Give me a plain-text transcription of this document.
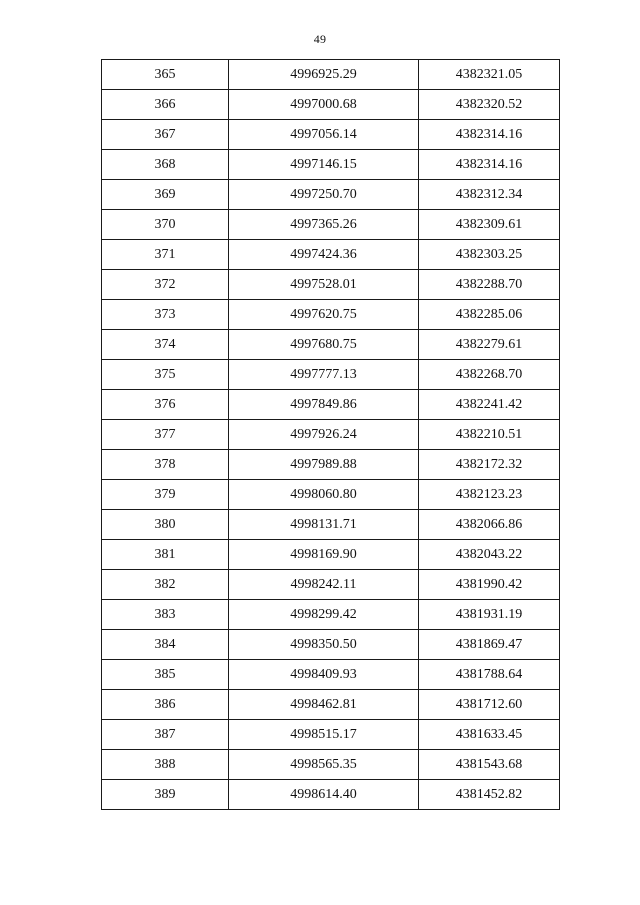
49
365	4996925.29	4382321.05
366	4997000.68	4382320.52
367	4997056.14	4382314.16
368	4997146.15	4382314.16
369	4997250.70	4382312.34
370	4997365.26	4382309.61
371	4997424.36	4382303.25
372	4997528.01	4382288.70
373	4997620.75	4382285.06
374	4997680.75	4382279.61
375	4997777.13	4382268.70
376	4997849.86	4382241.42
377	4997926.24	4382210.51
378	4997989.88	4382172.32
379	4998060.80	4382123.23
380	4998131.71	4382066.86
381	4998169.90	4382043.22
382	4998242.11	4381990.42
383	4998299.42	4381931.19
384	4998350.50	4381869.47
385	4998409.93	4381788.64
386	4998462.81	4381712.60
387	4998515.17	4381633.45
388	4998565.35	4381543.68
389	4998614.40	4381452.82
